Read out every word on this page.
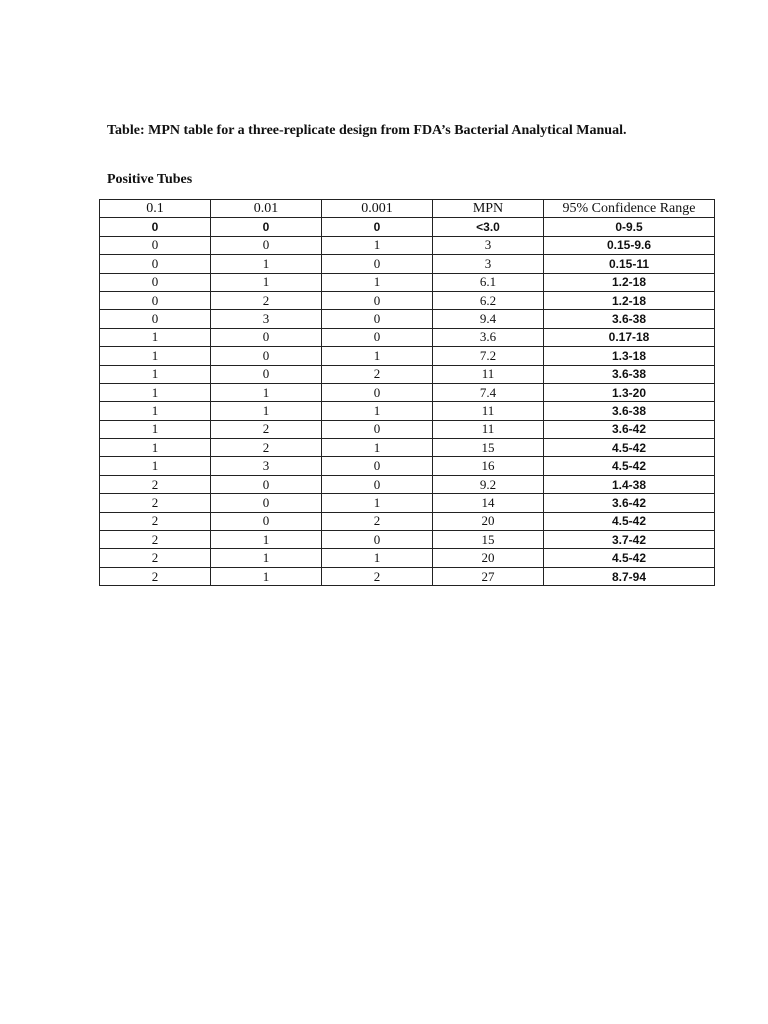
Table: MPN table for a three-replicate design from FDA’s Bacterial Analytical Manual.
Positive Tubes
0.1	0.01	0.001	MPN	95% Confidence Range
0	0	0	<3.0	0-9.5
0	0	1	3	0.15-9.6
0	1	0	3	0.15-11
0	1	1	6.1	1.2-18
0	2	0	6.2	1.2-18
0	3	0	9.4	3.6-38
1	0	0	3.6	0.17-18
1	0	1	7.2	1.3-18
1	0	2	11	3.6-38
1	1	0	7.4	1.3-20
1	1	1	11	3.6-38
1	2	0	11	3.6-42
1	2	1	15	4.5-42
1	3	0	16	4.5-42
2	0	0	9.2	1.4-38
2	0	1	14	3.6-42
2	0	2	20	4.5-42
2	1	0	15	3.7-42
2	1	1	20	4.5-42
2	1	2	27	8.7-94
